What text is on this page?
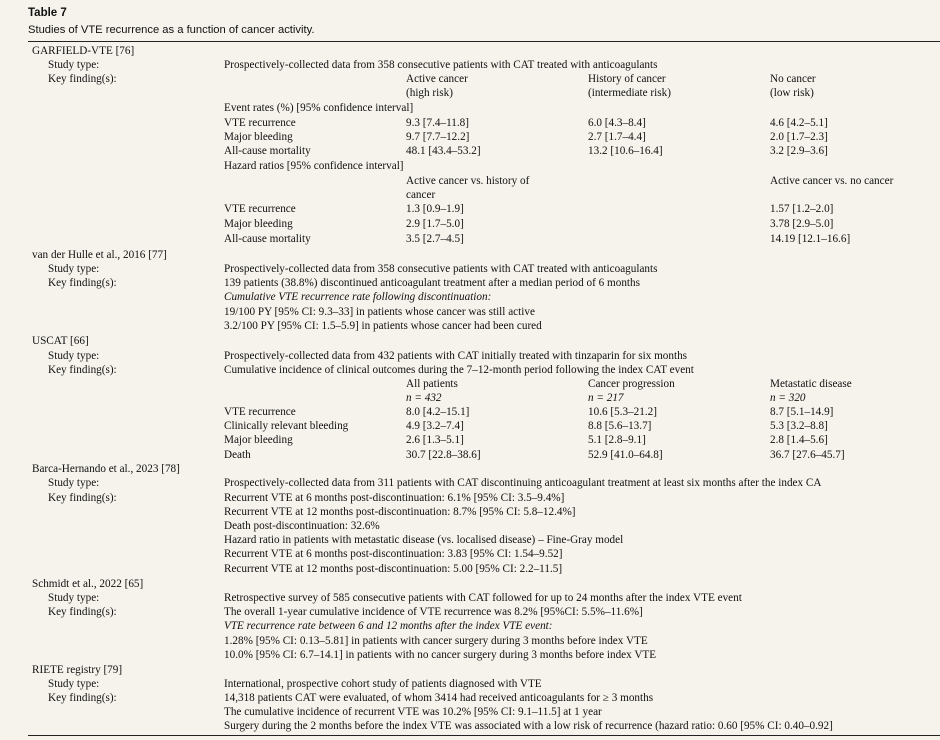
Table 7
Studies of VTE recurrence as a function of cancer activity.
GARFIELD-VTE [76]
Study type:	Prospectively-collected data from 358 consecutive patients with CAT treated with anticoagulants
Key finding(s):	Active cancer	History of cancer	No cancer
(high risk)	(intermediate risk)	(low risk)
Event rates (%) [95% confidence interval]
VTE recurrence	9.3 [7.4–11.8]	6.0 [4.3–8.4]	4.6 [4.2–5.1]
Major bleeding	9.7 [7.7–12.2]	2.7 [1.7–4.4]	2.0 [1.7–2.3]
All-cause mortality	48.1 [43.4–53.2]	13.2 [10.6–16.4]	3.2 [2.9–3.6]
Hazard ratios [95% confidence interval]
Active cancer vs. history of	Active cancer vs. no cancer
cancer
VTE recurrence	1.3 [0.9–1.9]	1.57 [1.2–2.0]
Major bleeding	2.9 [1.7–5.0]	3.78 [2.9–5.0]
All-cause mortality	3.5 [2.7–4.5]	14.19 [12.1–16.6]
van der Hulle et al., 2016 [77]
Study type:	Prospectively-collected data from 358 consecutive patients with CAT treated with anticoagulants
Key finding(s):	139 patients (38.8%) discontinued anticoagulant treatment after a median period of 6 months
Cumulative VTE recurrence rate following discontinuation:
19/100 PY [95% CI: 9.3–33] in patients whose cancer was still active
3.2/100 PY [95% CI: 1.5–5.9] in patients whose cancer had been cured
USCAT [66]
Study type:	Prospectively-collected data from 432 patients with CAT initially treated with tinzaparin for six months
Key finding(s):	Cumulative incidence of clinical outcomes during the 7–12-month period following the index CAT event
All patients	Cancer progression	Metastatic disease
n = 432	n = 217	n = 320
VTE recurrence	8.0 [4.2–15.1]	10.6 [5.3–21.2]	8.7 [5.1–14.9]
Clinically relevant bleeding	4.9 [3.2–7.4]	8.8 [5.6–13.7]	5.3 [3.2–8.8]
Major bleeding	2.6 [1.3–5.1]	5.1 [2.8–9.1]	2.8 [1.4–5.6]
Death	30.7 [22.8–38.6]	52.9 [41.0–64.8]	36.7 [27.6–45.7]
Barca-Hernando et al., 2023 [78]
Study type:	Prospectively-collected data from 311 patients with CAT discontinuing anticoagulant treatment at least six months after the index CA
Key finding(s):	Recurrent VTE at 6 months post-discontinuation: 6.1% [95% CI: 3.5–9.4%]
Recurrent VTE at 12 months post-discontinuation: 8.7% [95% CI: 5.8–12.4%]
Death post-discontinuation: 32.6%
Hazard ratio in patients with metastatic disease (vs. localised disease) – Fine-Gray model
Recurrent VTE at 6 months post-discontinuation: 3.83 [95% CI: 1.54–9.52]
Recurrent VTE at 12 months post-discontinuation: 5.00 [95% CI: 2.2–11.5]
Schmidt et al., 2022 [65]
Study type:	Retrospective survey of 585 consecutive patients with CAT followed for up to 24 months after the index VTE event
Key finding(s):	The overall 1-year cumulative incidence of VTE recurrence was 8.2% [95%CI: 5.5%–11.6%]
VTE recurrence rate between 6 and 12 months after the index VTE event:
1.28% [95% CI: 0.13–5.81] in patients with cancer surgery during 3 months before index VTE
10.0% [95% CI: 6.7–14.1] in patients with no cancer surgery during 3 months before index VTE
RIETE registry [79]
Study type:	International, prospective cohort study of patients diagnosed with VTE
Key finding(s):	14,318 patients CAT were evaluated, of whom 3414 had received anticoagulants for ≥ 3 months
The cumulative incidence of recurrent VTE was 10.2% [95% CI: 9.1–11.5] at 1 year
Surgery during the 2 months before the index VTE was associated with a low risk of recurrence (hazard ratio: 0.60 [95% CI: 0.40–0.92]
